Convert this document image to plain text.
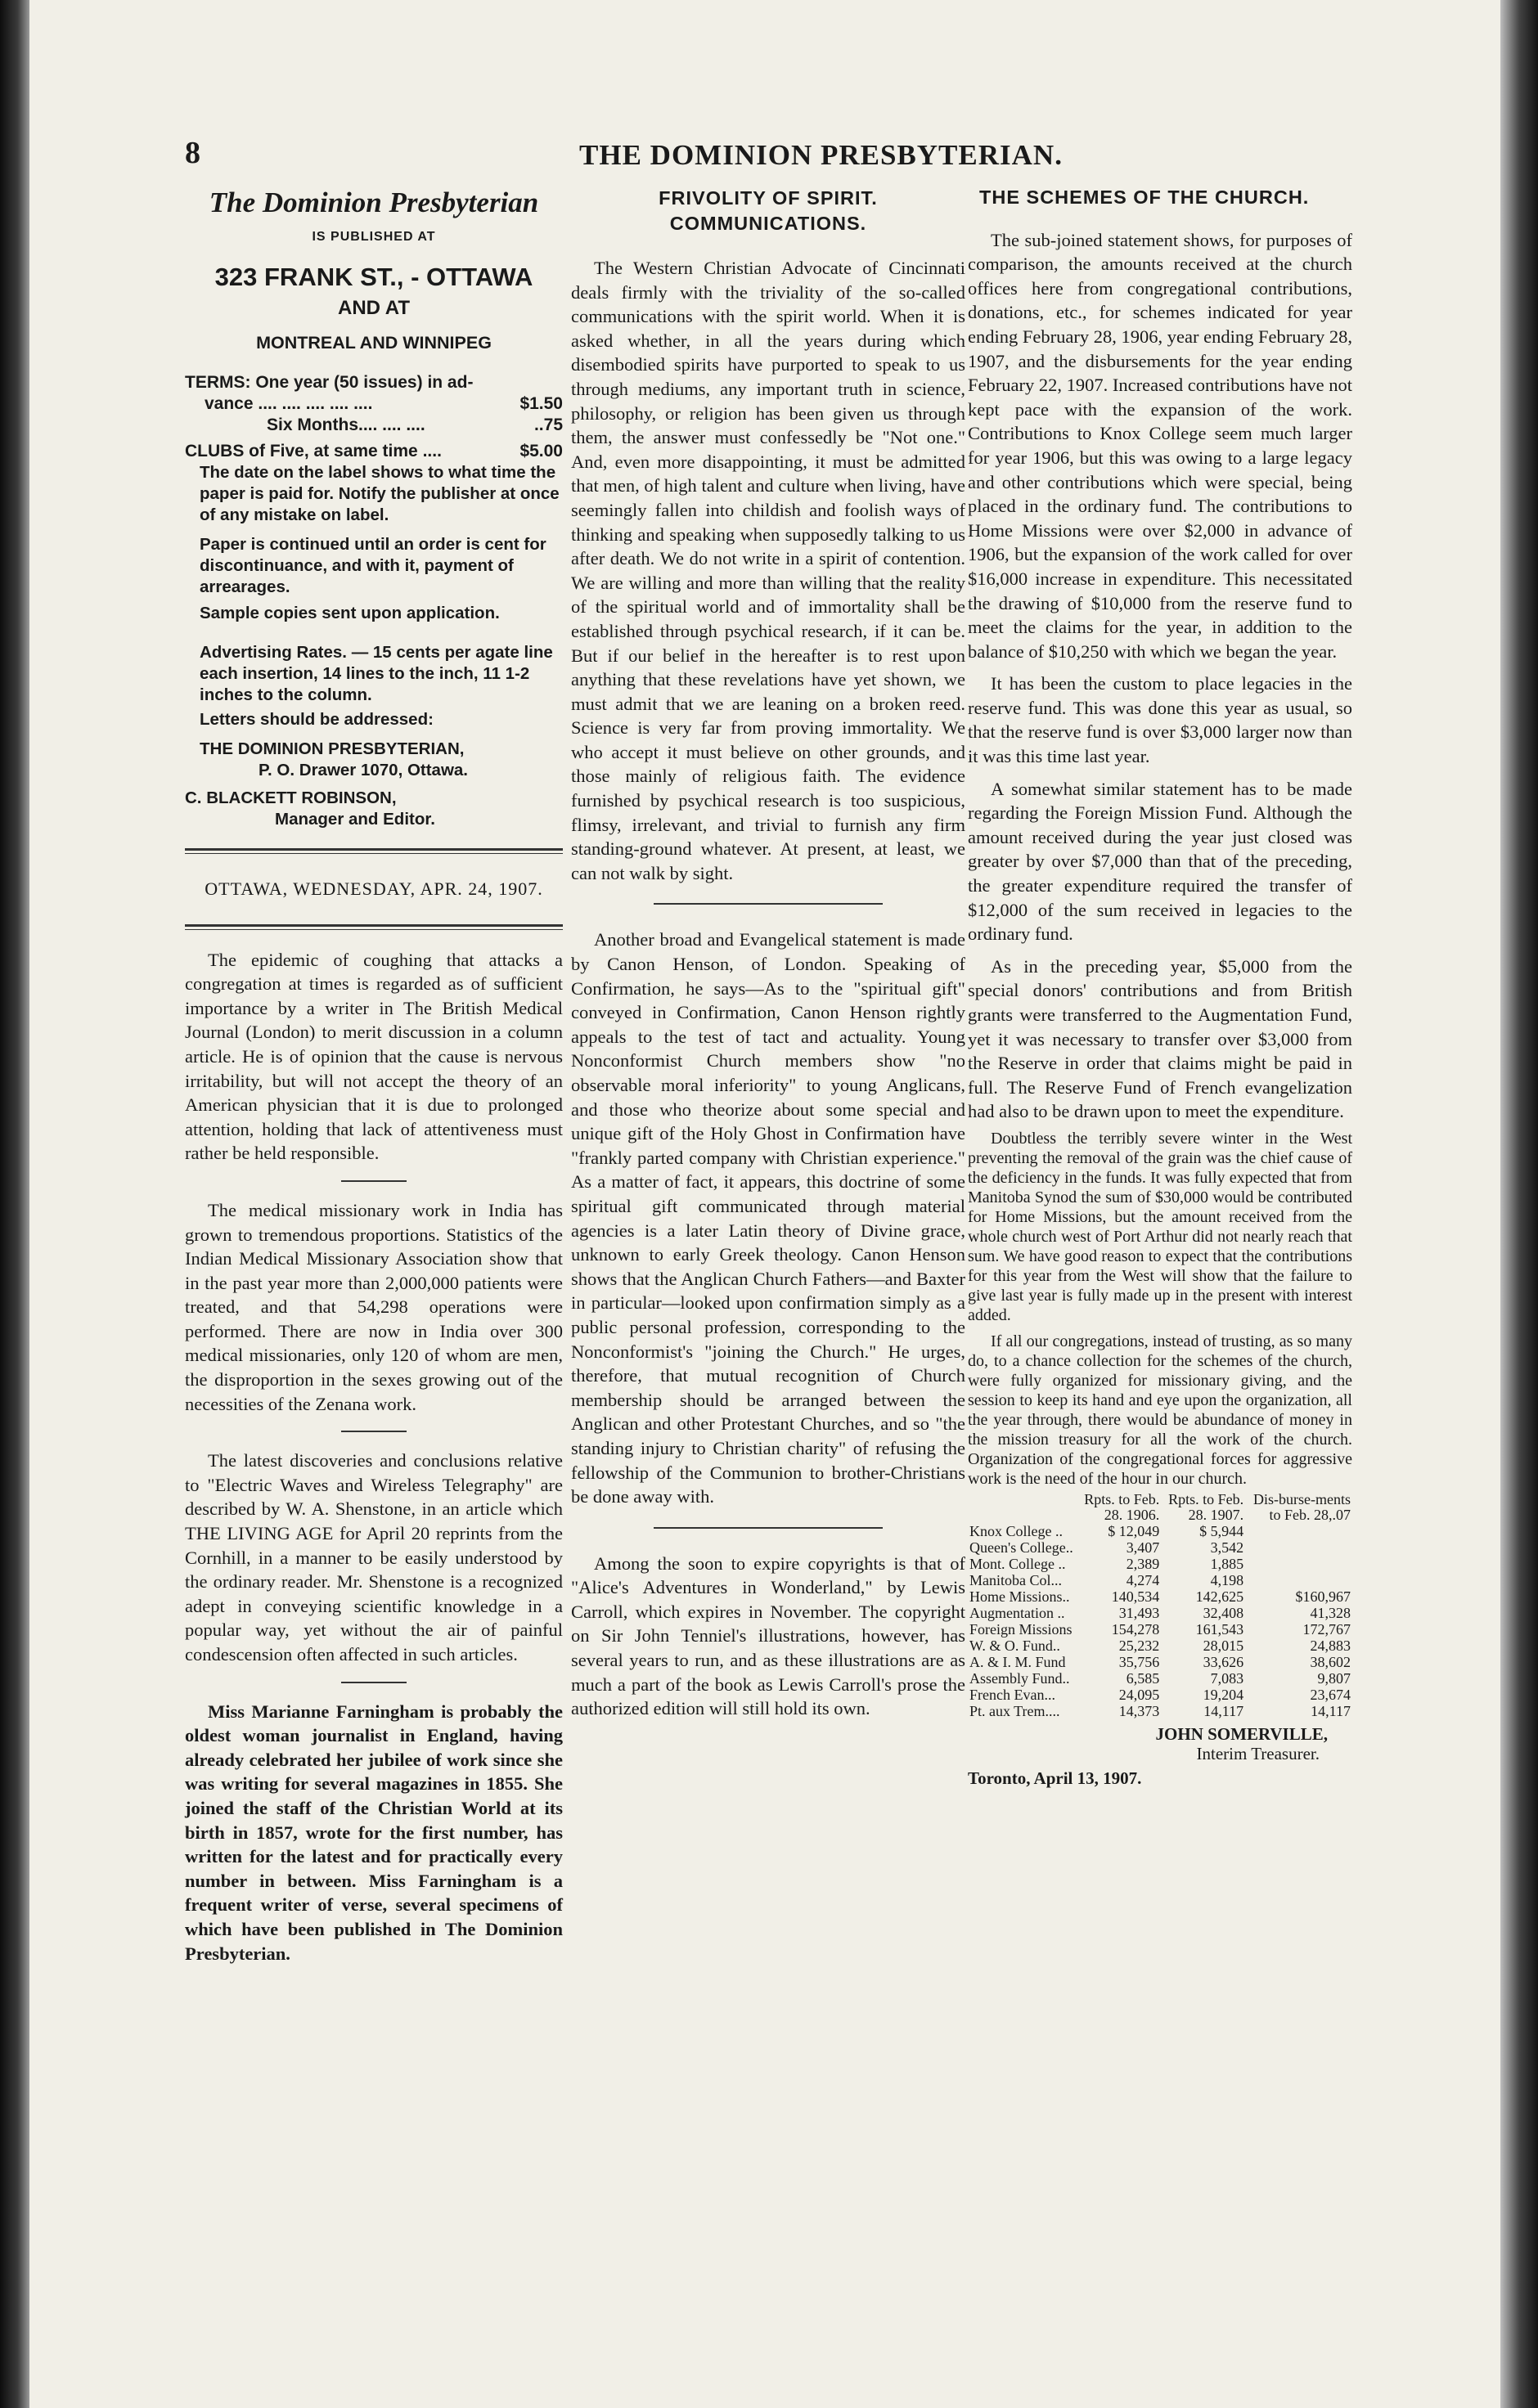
8	THE DOMINION PRESBYTERIAN.
The Dominion Presbyterian
IS PUBLISHED AT
323 FRANK ST., - OTTAWA
AND AT
MONTREAL AND WINNIPEG
TERMS: One year (50 issues) in ad-
vance .... .... .... .... ....	$1.50
Six Months.... .... ....	..75
CLUBS of Five, at same time ....	$5.00
The date on the label shows to what time the paper is paid for. Notify the publisher at once of any mistake on label.
Paper is continued until an order is cent for discontinuance, and with it, payment of arrearages.
Sample copies sent upon application.
Advertising Rates. — 15 cents per agate line each insertion, 14 lines to the inch, 11 1-2 inches to the column.
Letters should be addressed:
THE DOMINION PRESBYTERIAN,
P. O. Drawer 1070, Ottawa.
C. BLACKETT ROBINSON,
Manager and Editor.
OTTAWA, WEDNESDAY, APR. 24, 1907.

The epidemic of coughing that attacks a congregation at times is regarded as of sufficient importance by a writer in The British Medical Journal (London) to merit discussion in a column article. He is of opinion that the cause is nervous irritability, but will not accept the theory of an American physician that it is due to prolonged attention, holding that lack of attentiveness must rather be held responsible.

The medical missionary work in India has grown to tremendous proportions. Statistics of the Indian Medical Missionary Association show that in the past year more than 2,000,000 patients were treated, and that 54,298 operations were performed. There are now in India over 300 medical missionaries, only 120 of whom are men, the disproportion in the sexes growing out of the necessities of the Zenana work.

The latest discoveries and conclusions relative to "Electric Waves and Wireless Telegraphy" are described by W. A. Shenstone, in an article which THE LIVING AGE for April 20 reprints from the Cornhill, in a manner to be easily understood by the ordinary reader. Mr. Shenstone is a recognized adept in conveying scientific knowledge in a popular way, yet without the air of painful condescension often affected in such articles.

Miss Marianne Farningham is probably the oldest woman journalist in England, having already celebrated her jubilee of work since she was writing for several magazines in 1855. She joined the staff of the Christian World at its birth in 1857, wrote for the first number, has written for the latest and for practically every number in between. Miss Farningham is a frequent writer of verse, several specimens of which have been published in The Dominion Presbyterian.

FRIVOLITY OF SPIRIT. COMMUNICATIONS.

The Western Christian Advocate of Cincinnati deals firmly with the triviality of the so-called communications with the spirit world. When it is asked whether, in all the years during which disembodied spirits have purported to speak to us through mediums, any important truth in science, philosophy, or religion has been given us through them, the answer must confessedly be "Not one." And, even more disappointing, it must be admitted that men, of high talent and culture when living, have seemingly fallen into childish and foolish ways of thinking and speaking when supposedly talking to us after death. We do not write in a spirit of contention. We are willing and more than willing that the reality of the spiritual world and of immortality shall be established through psychical research, if it can be. But if our belief in the hereafter is to rest upon anything that these revelations have yet shown, we must admit that we are leaning on a broken reed. Science is very far from proving immortality. We who accept it must believe on other grounds, and those mainly of religious faith. The evidence furnished by psychical research is too suspicious, flimsy, irrelevant, and trivial to furnish any firm standing-ground whatever. At present, at least, we can not walk by sight.

Another broad and Evangelical statement is made by Canon Henson, of London. Speaking of Confirmation, he says—As to the "spiritual gift" conveyed in Confirmation, Canon Henson rightly appeals to the test of tact and actuality. Young Nonconformist Church members show "no observable moral inferiority" to young Anglicans, and those who theorize about some special and unique gift of the Holy Ghost in Confirmation have "frankly parted company with Christian experience." As a matter of fact, it appears, this doctrine of some spiritual gift communicated through material agencies is a later Latin theory of Divine grace, unknown to early Greek theology. Canon Henson shows that the Anglican Church Fathers—and Baxter in particular—looked upon confirmation simply as a public personal profession, corresponding to the Nonconformist's "joining the Church." He urges, therefore, that mutual recognition of Church membership should be arranged between the Anglican and other Protestant Churches, and so "the standing injury to Christian charity" of refusing the fellowship of the Communion to brother-Christians be done away with.

Among the soon to expire copyrights is that of "Alice's Adventures in Wonderland," by Lewis Carroll, which expires in November. The copyright on Sir John Tenniel's illustrations, however, has several years to run, and as these illustrations are as much a part of the book as Lewis Carroll's prose the authorized edition will still hold its own.

THE SCHEMES OF THE CHURCH.

The sub-joined statement shows, for purposes of comparison, the amounts received at the church offices here from congregational contributions, donations, etc., for schemes indicated for year ending February 28, 1906, year ending February 28, 1907, and the disbursements for the year ending February 22, 1907. Increased contributions have not kept pace with the expansion of the work. Contributions to Knox College seem much larger for year 1906, but this was owing to a large legacy and other contributions which were special, being placed in the ordinary fund. The contributions to Home Missions were over $2,000 in advance of 1906, but the expansion of the work called for over $16,000 increase in expenditure. This necessitated the drawing of $10,000 from the reserve fund to meet the claims for the year, in addition to the balance of $10,250 with which we began the year.

It has been the custom to place legacies in the reserve fund. This was done this year as usual, so that the reserve fund is over $3,000 larger now than it was this time last year.

A somewhat similar statement has to be made regarding the Foreign Mission Fund. Although the amount received during the year just closed was greater by over $7,000 than that of the preceding, the greater expenditure required the transfer of $12,000 of the sum received in legacies to the ordinary fund.

As in the preceding year, $5,000 from the special donors' contributions and from British grants were transferred to the Augmentation Fund, yet it was necessary to transfer over $3,000 from the Reserve in order that claims might be paid in full. The Reserve Fund of French evangelization had also to be drawn upon to meet the expenditure.

Doubtless the terribly severe winter in the West preventing the removal of the grain was the chief cause of the deficiency in the funds. It was fully expected that from Manitoba Synod the sum of $30,000 would be contributed for Home Missions, but the amount received from the whole church west of Port Arthur did not nearly reach that sum. We have good reason to expect that the contributions for this year from the West will show that the failure to give last year is fully made up in the present with interest added.

If all our congregations, instead of trusting, as so many do, to a chance collection for the schemes of the church, were fully organized for missionary giving, and the session to keep its hand and eye upon the organization, all the year through, there would be abundance of money in the mission treasury for all the work of the church. Organization of the congregational forces for aggressive work is the need of the hour in our church.

	Rpts. to Feb. 28. 1906.	Rpts. to Feb. 28. 1907.	Dis-burse-ments to Feb. 28,.07
Knox College ..	$ 12,049	$ 5,944	
Queen's College..	3,407	3,542	
Mont. College ..	2,389	1,885	
Manitoba Col...	4,274	4,198	
Home Missions..	140,534	142,625	$160,967
Augmentation ..	31,493	32,408	41,328
Foreign Missions	154,278	161,543	172,767
W. & O. Fund..	25,232	28,015	24,883
A. & I. M. Fund	35,756	33,626	38,602
Assembly Fund..	6,585	7,083	9,807
French Evan...	24,095	19,204	23,674
Pt. aux Trem....	14,373	14,117	14,117
JOHN SOMERVILLE,
Interim Treasurer.
Toronto, April 13, 1907.
